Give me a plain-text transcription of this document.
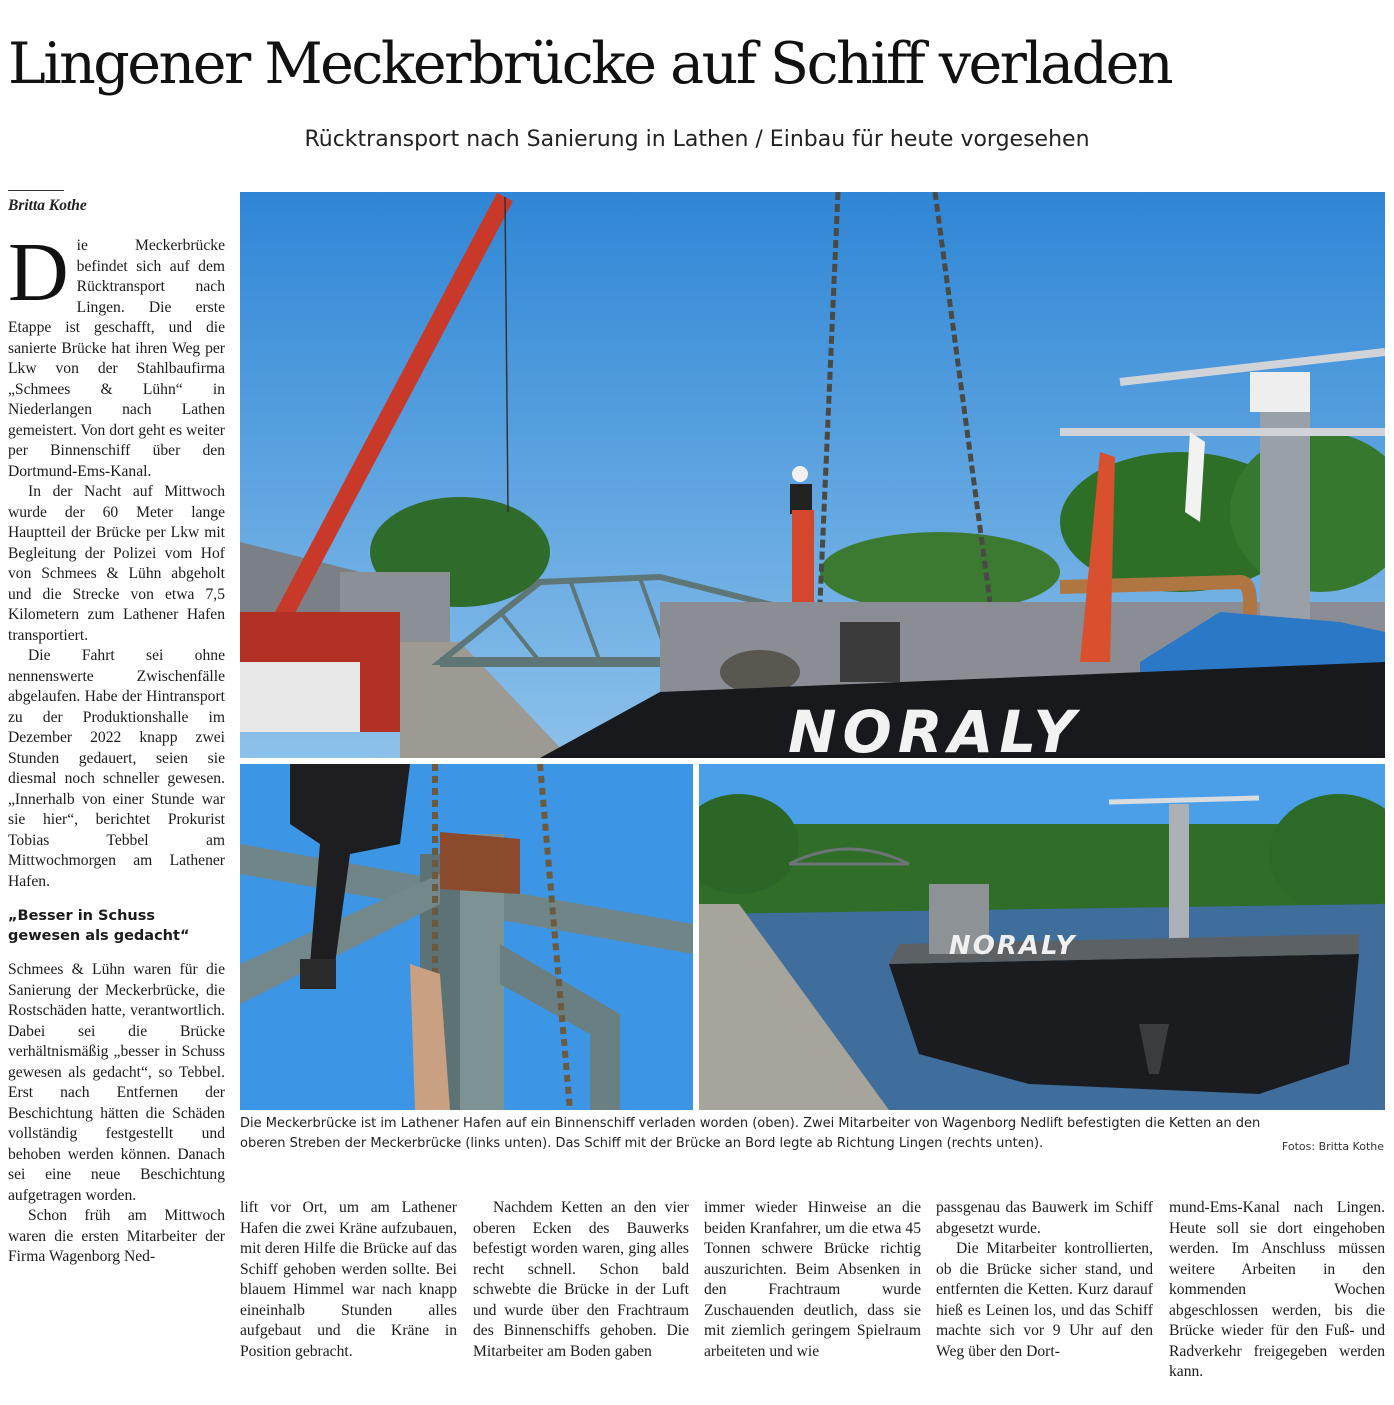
Lingener Meckerbrücke auf Schiff verladen
Rücktransport nach Sanierung in Lathen / Einbau für heute vorgesehen
Britta Kothe
D ie Meckerbrücke befindet sich auf dem Rücktransport nach Lingen. Die erste Etappe ist geschafft, und die sanierte Brücke hat ihren Weg per Lkw von der Stahlbaufirma „Schmees & Lühn“ in Niederlangen nach Lathen gemeistert. Von dort geht es weiter per Binnenschiff über den Dortmund-Ems-Kanal.

In der Nacht auf Mittwoch wurde der 60 Meter lange Hauptteil der Brücke per Lkw mit Begleitung der Polizei vom Hof von Schmees & Lühn abgeholt und die Strecke von etwa 7,5 Kilometern zum Lathener Hafen transportiert.

Die Fahrt sei ohne nennenswerte Zwischenfälle abgelaufen. Habe der Hintransport zu der Produktionshalle im Dezember 2022 knapp zwei Stunden gedauert, seien sie diesmal noch schneller gewesen. „Innerhalb von einer Stunde war sie hier“, berichtet Prokurist Tobias Tebbel am Mittwochmorgen am Lathener Hafen.

„Besser in Schuss gewesen als gedacht“

Schmees & Lühn waren für die Sanierung der Meckerbrücke, die Rostschäden hatte, verantwortlich. Dabei sei die Brücke verhältnismäßig „besser in Schuss gewesen als gedacht“, so Tebbel. Erst nach Entfernen der Beschichtung hätten die Schäden vollständig festgestellt und behoben werden können. Danach sei eine neue Beschichtung aufgetragen worden.

Schon früh am Mittwoch waren die ersten Mitarbeiter der Firma Wagenborg Ned-

NORALY
NORALY
Die Meckerbrücke ist im Lathener Hafen auf ein Binnenschiff verladen worden (oben). Zwei Mitarbeiter von Wagenborg Nedlift befestigten die Ketten an den oberen Streben der Meckerbrücke (links unten). Das Schiff mit der Brücke an Bord legte ab Richtung Lingen (rechts unten).	Fotos: Britta Kothe

lift vor Ort, um am Lathener Hafen die zwei Kräne aufzubauen, mit deren Hilfe die Brücke auf das Schiff gehoben werden sollte. Bei blauem Himmel war nach knapp eineinhalb Stunden alles aufgebaut und die Kräne in Position gebracht.

Nachdem Ketten an den vier oberen Ecken des Bauwerks befestigt worden waren, ging alles recht schnell. Schon bald schwebte die Brücke in der Luft und wurde über den Frachtraum des Binnenschiffs gehoben. Die Mitarbeiter am Boden gaben

immer wieder Hinweise an die beiden Kranfahrer, um die etwa 45 Tonnen schwere Brücke richtig auszurichten. Beim Absenken in den Frachtraum wurde Zuschauenden deutlich, dass sie mit ziemlich geringem Spielraum arbeiteten und wie

passgenau das Bauwerk im Schiff abgesetzt wurde.

Die Mitarbeiter kontrollierten, ob die Brücke sicher stand, und entfernten die Ketten. Kurz darauf hieß es Leinen los, und das Schiff machte sich vor 9 Uhr auf den Weg über den Dort-

mund-Ems-Kanal nach Lingen. Heute soll sie dort eingehoben werden. Im Anschluss müssen weitere Arbeiten in den kommenden Wochen abgeschlossen werden, bis die Brücke wieder für den Fuß- und Radverkehr freigegeben werden kann.
